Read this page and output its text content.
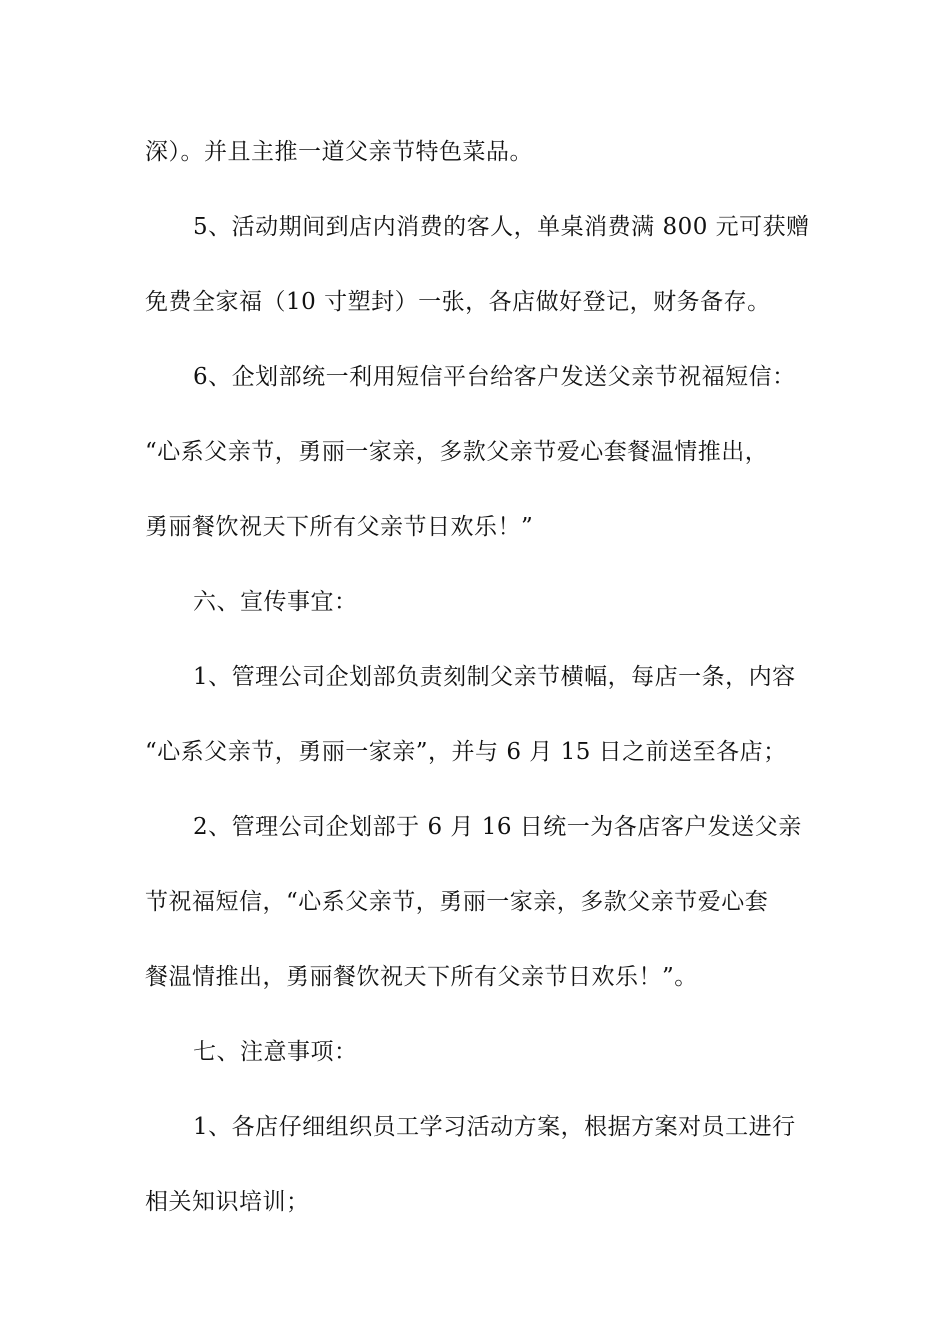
深）。并且主推一道父亲节特色菜品。
5、活动期间到店内消费的客人，单桌消费满 800 元可获赠
免费全家福（10 寸塑封）一张，各店做好登记，财务备存。
6、企划部统一利用短信平台给客户发送父亲节祝福短信：
“心系父亲节，勇丽一家亲，多款父亲节爱心套餐温情推出，
勇丽餐饮祝天下所有父亲节日欢乐！”
六、宣传事宜：
1、管理公司企划部负责刻制父亲节横幅，每店一条，内容
“心系父亲节，勇丽一家亲”，并与 6 月 15 日之前送至各店；
2、管理公司企划部于 6 月 16 日统一为各店客户发送父亲
节祝福短信，“心系父亲节，勇丽一家亲，多款父亲节爱心套
餐温情推出，勇丽餐饮祝天下所有父亲节日欢乐！”。
七、注意事项：
1、各店仔细组织员工学习活动方案，根据方案对员工进行
相关知识培训；
